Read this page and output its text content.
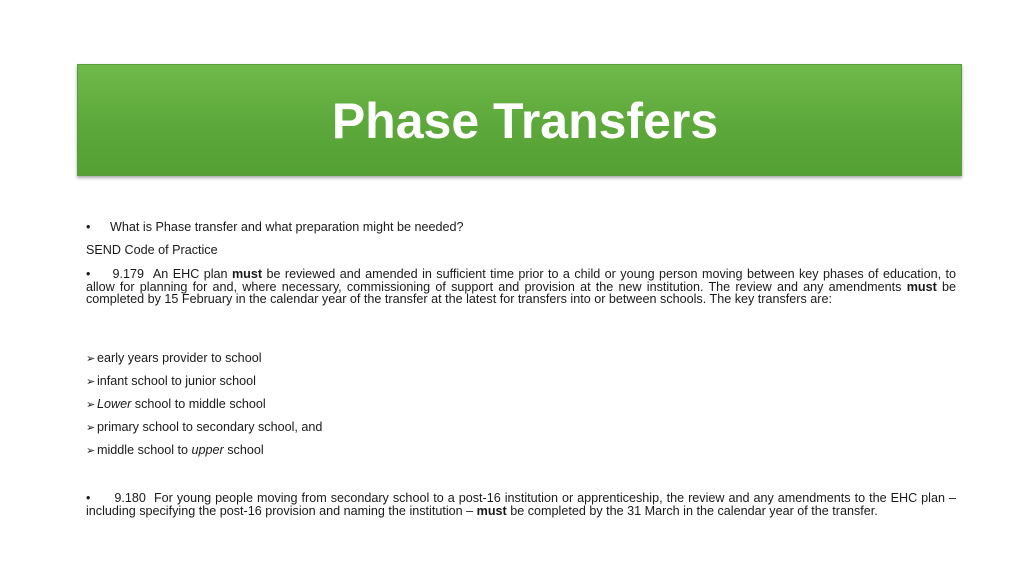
Phase Transfers
• What is Phase transfer and what preparation might be needed?
SEND Code of Practice
• 9.179 An EHC plan must be reviewed and amended in sufficient time prior to a child or young person moving between key phases of education, to allow for planning for and, where necessary, commissioning of support and provision at the new institution. The review and any amendments must be completed by 15 February in the calendar year of the transfer at the latest for transfers into or between schools. The key transfers are:
➢ early years provider to school
➢ infant school to junior school
➢ Lower school to middle school
➢ primary school to secondary school, and
➢ middle school to upper school
• 9.180 For young people moving from secondary school to a post-16 institution or apprenticeship, the review and any amendments to the EHC plan – including specifying the post-16 provision and naming the institution – must be completed by the 31 March in the calendar year of the transfer.
